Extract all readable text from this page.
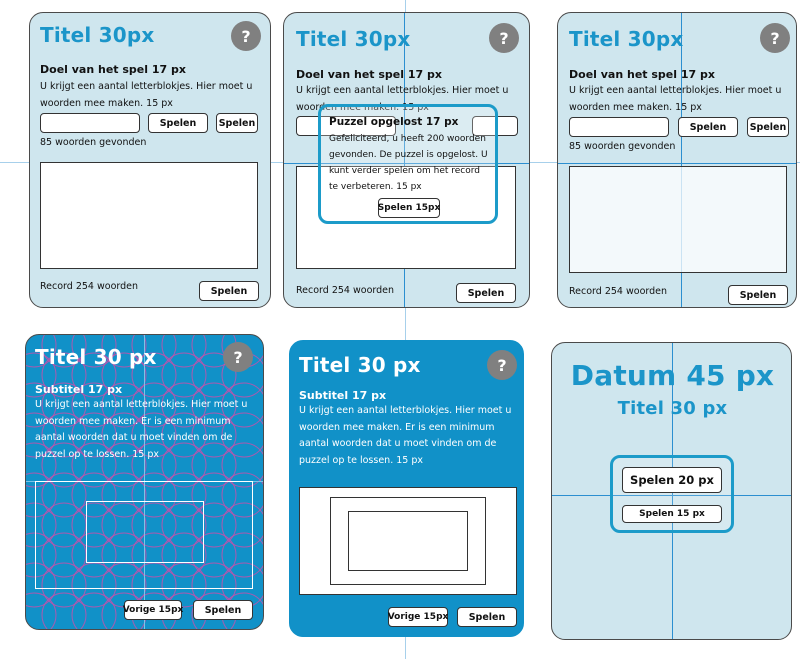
Titel 30px	?
Doel van het spel 17 px
U krijgt een aantal letterblokjes. Hier moet u woorden mee maken. 15 px
Spelen	Spelen
85 woorden gevonden
Record 254 woorden	Spelen
Titel 30px	?
Doel van het spel 17 px
U krijgt een aantal letterblokjes. Hier moet u woorden mee maken. 15 px
Record 254 woorden	Spelen
Puzzel opgelost 17 px
Gefeliciteerd, u heeft 200 woorden gevonden. De puzzel is opgelost. U kunt verder spelen om het record te verbeteren. 15 px
Spelen 15px
Titel 30px	?
Doel van het spel 17 px
U krijgt een aantal letterblokjes. Hier moet u woorden mee maken. 15 px
Spelen	Spelen
85 woorden gevonden
Record 254 woorden	Spelen
Titel 30 px	?
Subtitel 17 px
U krijgt een aantal letterblokjes. Hier moet u woorden mee maken. Er is een minimum aantal woorden dat u moet vinden om de puzzel op te lossen. 15 px
Vorige 15px	Spelen
Titel 30 px	?
Subtitel 17 px
U krijgt een aantal letterblokjes. Hier moet u woorden mee maken. Er is een minimum aantal woorden dat u moet vinden om de puzzel op te lossen. 15 px
Vorige 15px	Spelen
Datum 45 px
Titel 30 px
Spelen 20 px
Spelen 15 px
